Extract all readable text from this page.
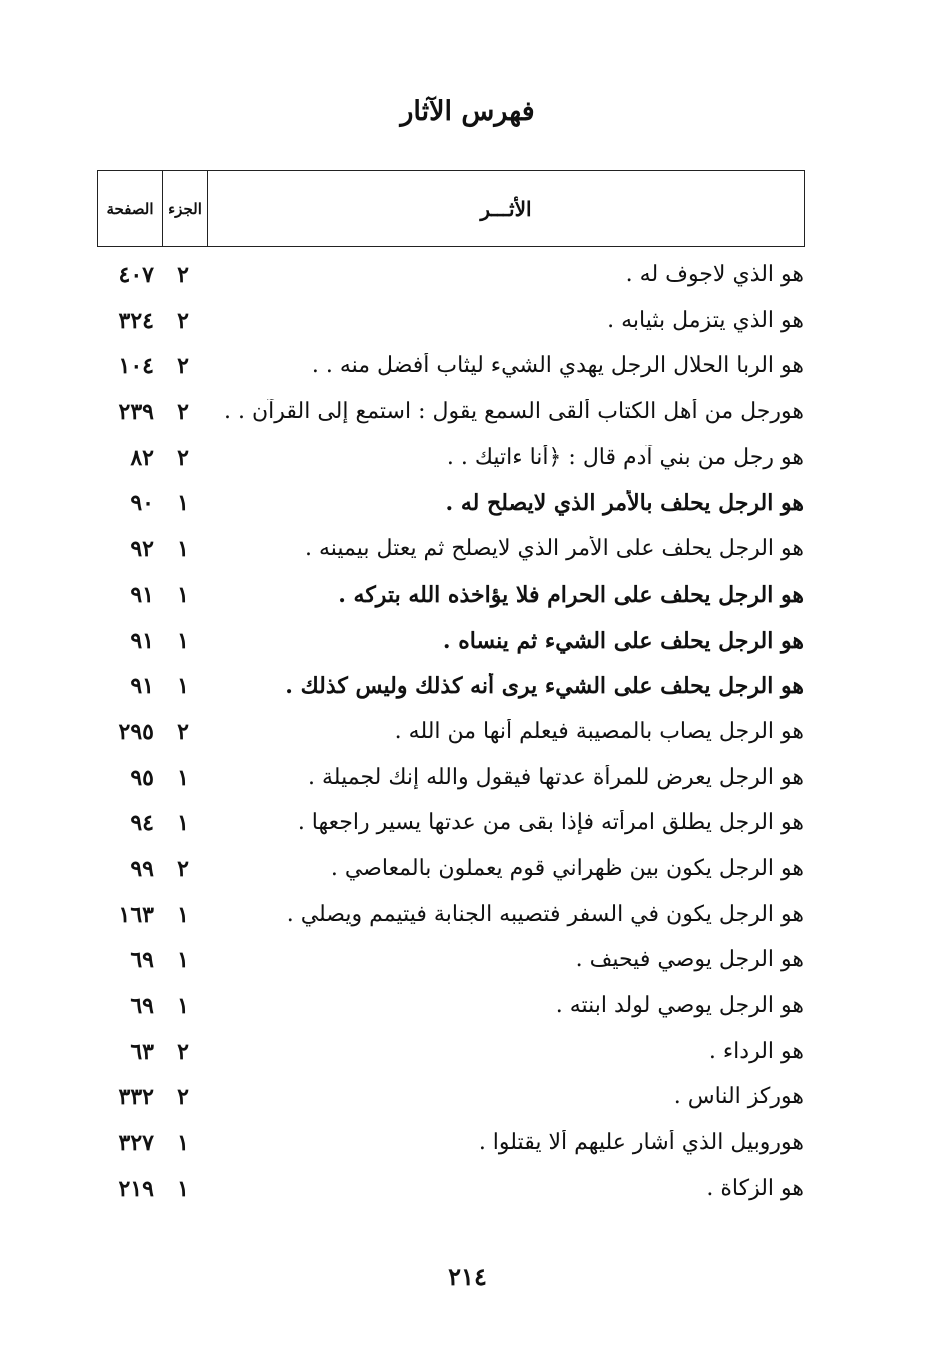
فهرس الآثار
الأثـــر
الجزء
الصفحة
هو الذي لاجوف له .
٢
٤٠٧
هو الذي يتزمل بثيابه .
٢
٣٢٤
هو الربا الحلال الرجل يهدي الشيء ليثاب أفضل منه . .
٢
١٠٤
هورجل من أهل الكتاب ألقى السمع يقول : استمع إلى القرآن . .
٢
٢٣٩
هو رجل من بني آدم قال : ﴿أنا ءاتيك . .
٢
٨٢
هو الرجل يحلف بالأمر الذي لايصلح له .
١
٩٠
هو الرجل يحلف على الأمر الذي لايصلح ثم يعتل بيمينه .
١
٩٢
هو الرجل يحلف على الحرام فلا يؤاخذه الله بتركه .
١
٩١
هو الرجل يحلف على الشيء ثم ينساه .
١
٩١
هو الرجل يحلف على الشيء يرى أنه كذلك وليس كذلك .
١
٩١
هو الرجل يصاب بالمصيبة فيعلم أنها من الله .
٢
٢٩٥
هو الرجل يعرض للمرأة عدتها فيقول والله إنك لجميلة .
١
٩٥
هو الرجل يطلق امرأته فإذا بقى من عدتها يسير راجعها .
١
٩٤
هو الرجل يكون بين ظهراني قوم يعملون بالمعاصي .
٢
٩٩
هو الرجل يكون في السفر فتصيبه الجنابة فيتيمم ويصلي .
١
١٦٣
هو الرجل يوصي فيحيف .
١
٦٩
هو الرجل يوصي لولد ابنته .
١
٦٩
هو الرداء .
٢
٦٣
هوركز الناس .
٢
٣٣٢
هوروبيل الذي أشار عليهم ألا يقتلوا .
١
٣٢٧
هو الزكاة .
١
٢١٩
٢١٤
